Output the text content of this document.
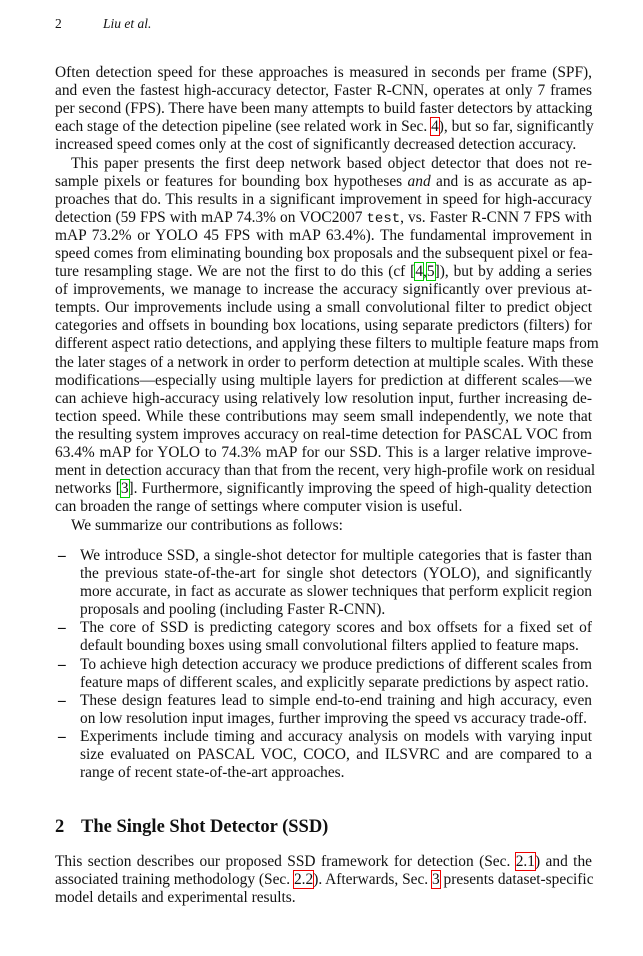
2	Liu et al.
Often detection speed for these approaches is measured in seconds per frame (SPF),
and even the fastest high-accuracy detector, Faster R-CNN, operates at only 7 frames
per second (FPS). There have been many attempts to build faster detectors by attacking
each stage of the detection pipeline (see related work in Sec. 4), but so far, significantly
increased speed comes only at the cost of significantly decreased detection accuracy.
This paper presents the first deep network based object detector that does not re-
sample pixels or features for bounding box hypotheses and and is as accurate as ap-
proaches that do. This results in a significant improvement in speed for high-accuracy
detection (59 FPS with mAP 74.3% on VOC2007 test, vs. Faster R-CNN 7 FPS with
mAP 73.2% or YOLO 45 FPS with mAP 63.4%). The fundamental improvement in
speed comes from eliminating bounding box proposals and the subsequent pixel or fea-
ture resampling stage. We are not the first to do this (cf [4,5]), but by adding a series
of improvements, we manage to increase the accuracy significantly over previous at-
tempts. Our improvements include using a small convolutional filter to predict object
categories and offsets in bounding box locations, using separate predictors (filters) for
different aspect ratio detections, and applying these filters to multiple feature maps from
the later stages of a network in order to perform detection at multiple scales. With these
modifications—especially using multiple layers for prediction at different scales—we
can achieve high-accuracy using relatively low resolution input, further increasing de-
tection speed. While these contributions may seem small independently, we note that
the resulting system improves accuracy on real-time detection for PASCAL VOC from
63.4% mAP for YOLO to 74.3% mAP for our SSD. This is a larger relative improve-
ment in detection accuracy than that from the recent, very high-profile work on residual
networks [3]. Furthermore, significantly improving the speed of high-quality detection
can broaden the range of settings where computer vision is useful.
We summarize our contributions as follows:
– We introduce SSD, a single-shot detector for multiple categories that is faster than
the previous state-of-the-art for single shot detectors (YOLO), and significantly
more accurate, in fact as accurate as slower techniques that perform explicit region
proposals and pooling (including Faster R-CNN).
– The core of SSD is predicting category scores and box offsets for a fixed set of
default bounding boxes using small convolutional filters applied to feature maps.
– To achieve high detection accuracy we produce predictions of different scales from
feature maps of different scales, and explicitly separate predictions by aspect ratio.
– These design features lead to simple end-to-end training and high accuracy, even
on low resolution input images, further improving the speed vs accuracy trade-off.
– Experiments include timing and accuracy analysis on models with varying input
size evaluated on PASCAL VOC, COCO, and ILSVRC and are compared to a
range of recent state-of-the-art approaches.
2 The Single Shot Detector (SSD)
This section describes our proposed SSD framework for detection (Sec. 2.1) and the
associated training methodology (Sec. 2.2). Afterwards, Sec. 3 presents dataset-specific
model details and experimental results.
